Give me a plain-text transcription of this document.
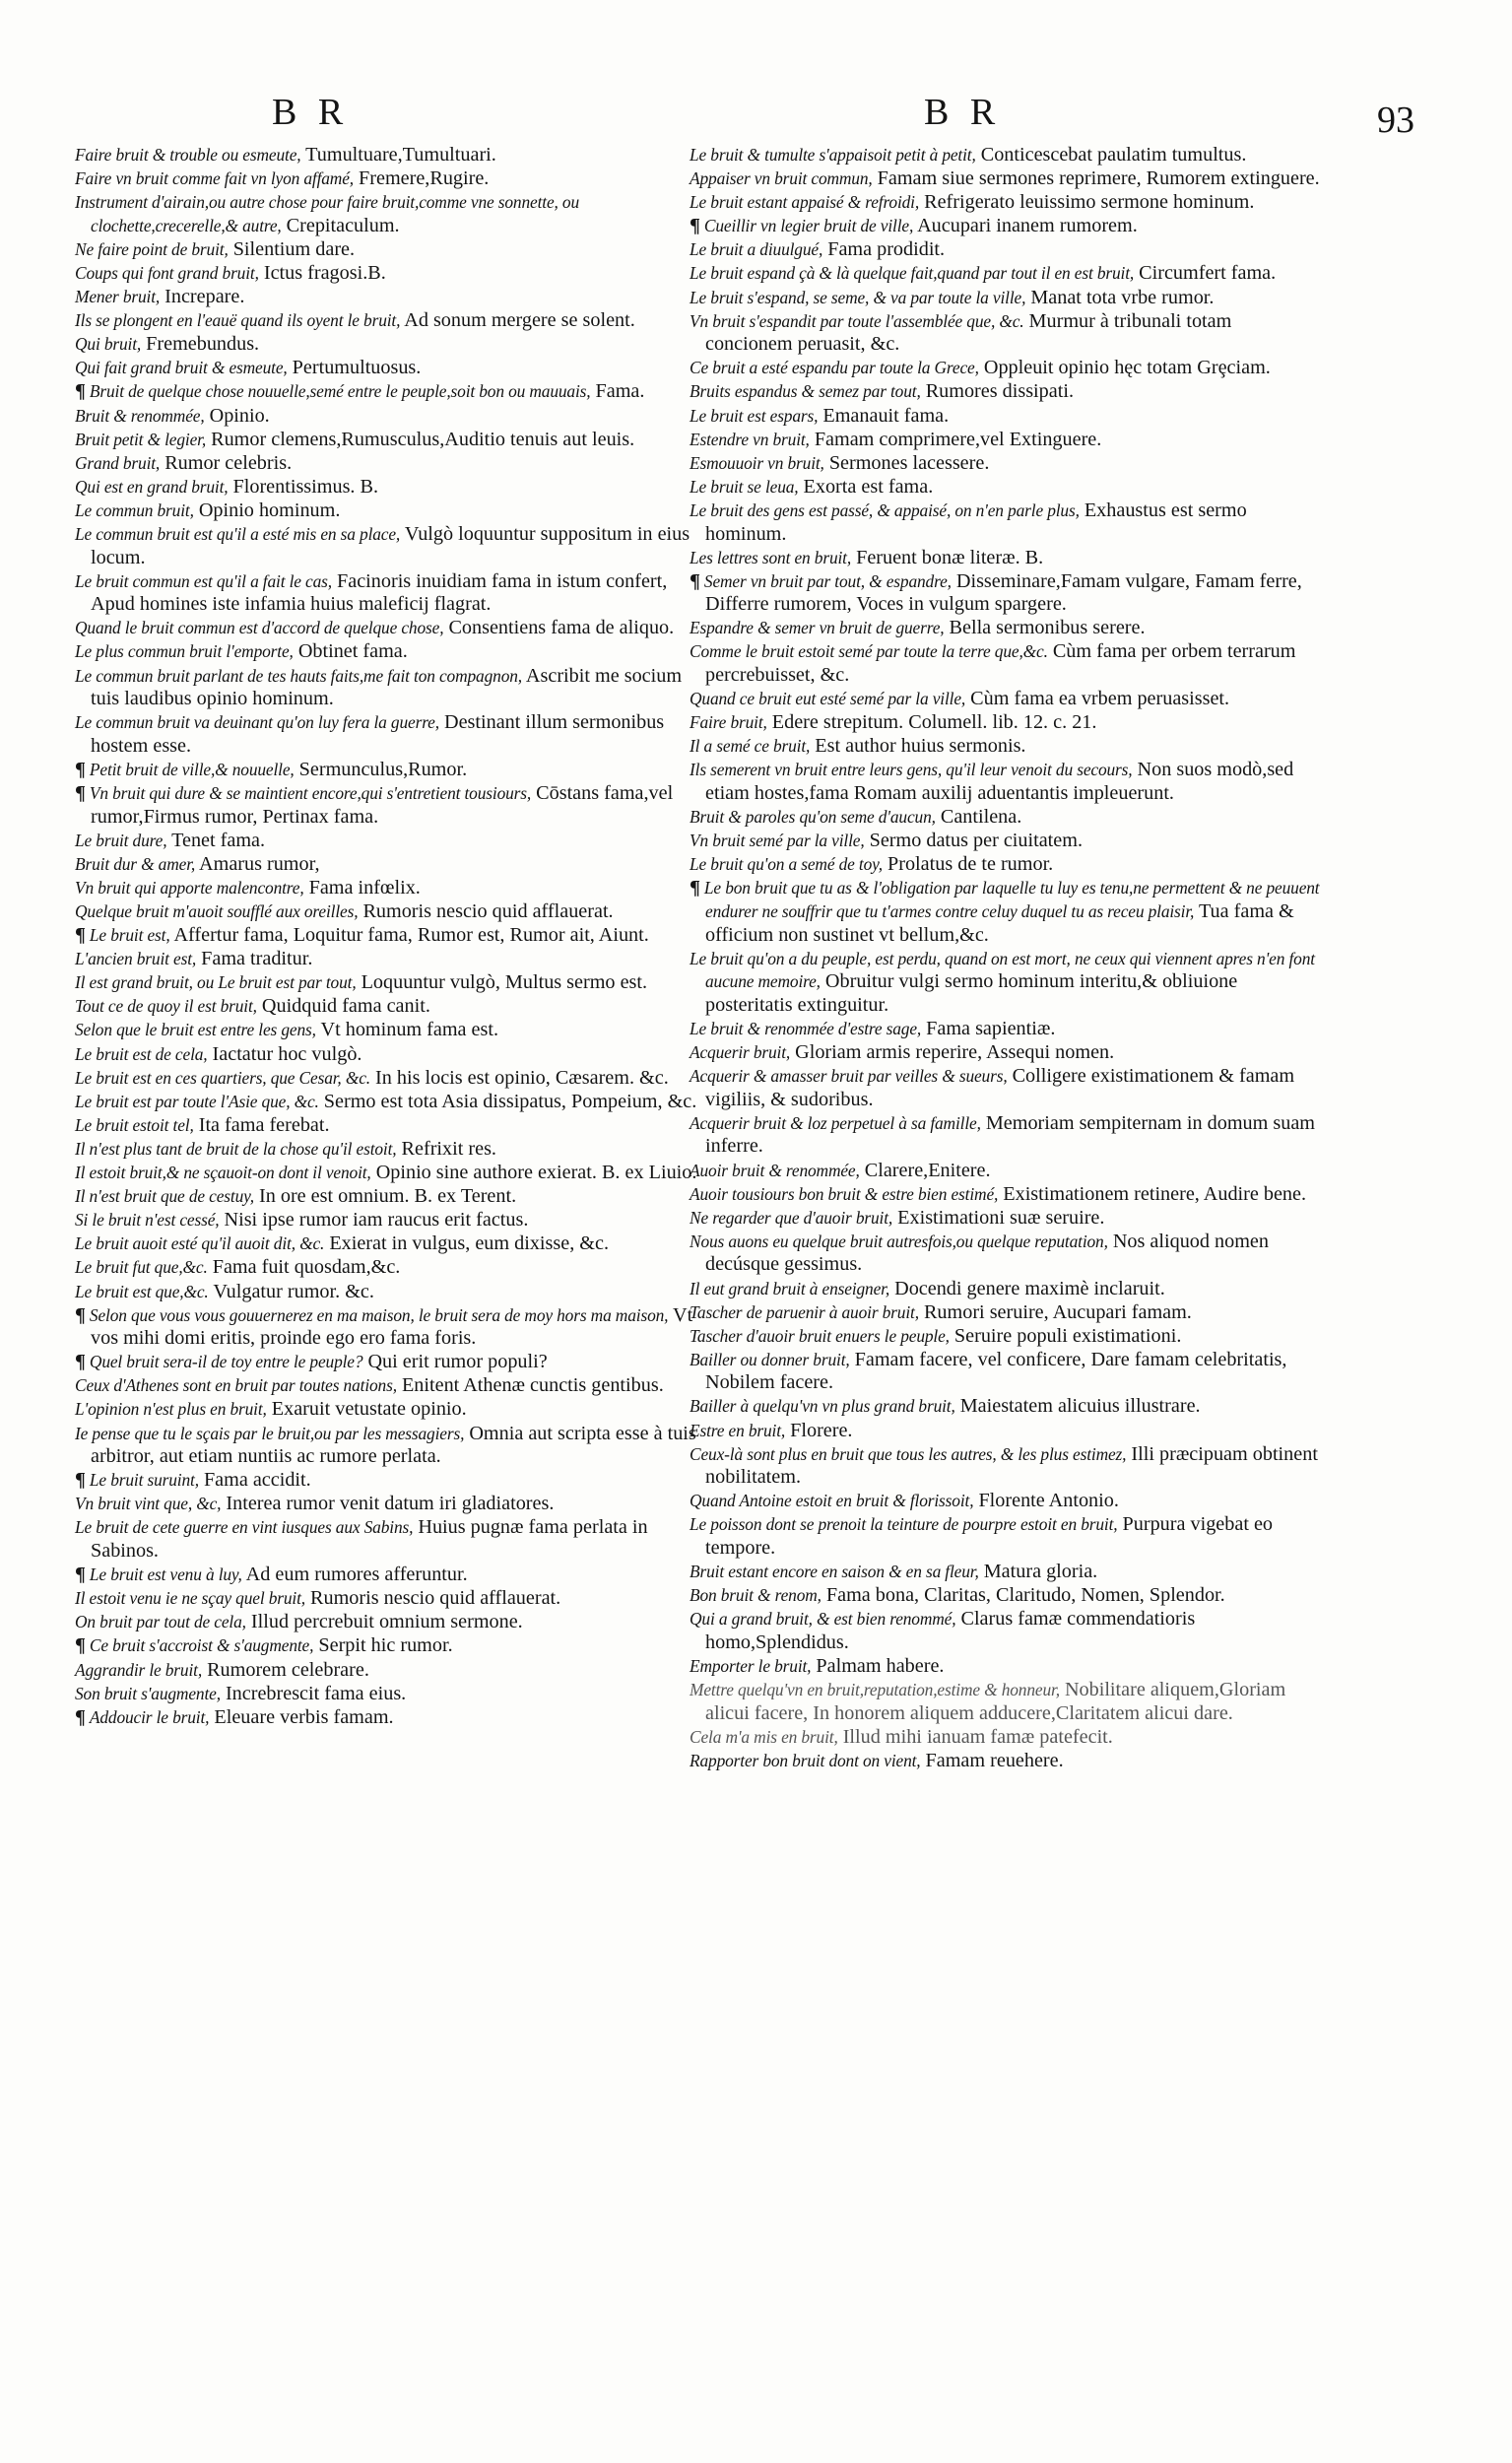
B R	B R	93
Faire bruit & trouble ou esmeute, Tumultuare,Tumultuari.
Faire vn bruit comme fait vn lyon affamé, Fremere,Rugire.
Instrument d'airain,ou autre chose pour faire bruit,comme vne sonnette, ou clochette,crecerelle,& autre, Crepitaculum.
Ne faire point de bruit, Silentium dare.
Coups qui font grand bruit, Ictus fragosi.B.
Mener bruit, Increpare.
Ils se plongent en l'eauë quand ils oyent le bruit, Ad sonum mergere se solent.
Qui bruit, Fremebundus.
Qui fait grand bruit & esmeute, Pertumultuosus.
¶ Bruit de quelque chose nouuelle,semé entre le peuple,soit bon ou mauuais, Fama.
Bruit & renommée, Opinio.
Bruit petit & legier, Rumor clemens,Rumusculus,Auditio tenuis aut leuis.
Grand bruit, Rumor celebris.
Qui est en grand bruit, Florentissimus. B.
Le commun bruit, Opinio hominum.
Le commun bruit est qu'il a esté mis en sa place, Vulgò loquuntur suppositum in eius locum.
Le bruit commun est qu'il a fait le cas, Facinoris inuidiam fama in istum confert, Apud homines iste infamia huius maleficij flagrat.
Quand le bruit commun est d'accord de quelque chose, Consentiens fama de aliquo.
Le plus commun bruit l'emporte, Obtinet fama.
Le commun bruit parlant de tes hauts faits,me fait ton compagnon, Ascribit me socium tuis laudibus opinio hominum.
Le commun bruit va deuinant qu'on luy fera la guerre, Destinant illum sermonibus hostem esse.
¶ Petit bruit de ville,& nouuelle, Sermunculus,Rumor.
¶ Vn bruit qui dure & se maintient encore,qui s'entretient tousiours, Cōstans fama,vel rumor,Firmus rumor, Pertinax fama.
Le bruit dure, Tenet fama.
Bruit dur & amer, Amarus rumor,
Vn bruit qui apporte malencontre, Fama infœlix.
Quelque bruit m'auoit soufflé aux oreilles, Rumoris nescio quid afflauerat.
¶ Le bruit est, Affertur fama, Loquitur fama, Rumor est, Rumor ait, Aiunt.
L'ancien bruit est, Fama traditur.
Il est grand bruit, ou Le bruit est par tout, Loquuntur vulgò, Multus sermo est.
Tout ce de quoy il est bruit, Quidquid fama canit.
Selon que le bruit est entre les gens, Vt hominum fama est.
Le bruit est de cela, Iactatur hoc vulgò.
Le bruit est en ces quartiers, que Cesar, &c. In his locis est opinio, Cæsarem. &c.
Le bruit est par toute l'Asie que, &c. Sermo est tota Asia dissipatus, Pompeium, &c.
Le bruit estoit tel, Ita fama ferebat.
Il n'est plus tant de bruit de la chose qu'il estoit, Refrixit res.
Il estoit bruit,& ne sçauoit-on dont il venoit, Opinio sine authore exierat. B. ex Liuio.
Il n'est bruit que de cestuy, In ore est omnium. B. ex Terent.
Si le bruit n'est cessé, Nisi ipse rumor iam raucus erit factus.
Le bruit auoit esté qu'il auoit dit, &c. Exierat in vulgus, eum dixisse, &c.
Le bruit fut que,&c. Fama fuit quosdam,&c.
Le bruit est que,&c. Vulgatur rumor. &c.
¶ Selon que vous vous gouuernerez en ma maison, le bruit sera de moy hors ma maison, Vt vos mihi domi eritis, proinde ego ero fama foris.
¶ Quel bruit sera-il de toy entre le peuple? Qui erit rumor populi?
Ceux d'Athenes sont en bruit par toutes nations, Enitent Athenæ cunctis gentibus.
L'opinion n'est plus en bruit, Exaruit vetustate opinio.
Ie pense que tu le sçais par le bruit,ou par les messagiers, Omnia aut scripta esse à tuis arbitror, aut etiam nuntiis ac rumore perlata.
¶ Le bruit suruint, Fama accidit.
Vn bruit vint que, &c, Interea rumor venit datum iri gladiatores.
Le bruit de cete guerre en vint iusques aux Sabins, Huius pugnæ fama perlata in Sabinos.
¶ Le bruit est venu à luy, Ad eum rumores afferuntur.
Il estoit venu ie ne sçay quel bruit, Rumoris nescio quid afflauerat.
On bruit par tout de cela, Illud percrebuit omnium sermone.
¶ Ce bruit s'accroist & s'augmente, Serpit hic rumor.
Aggrandir le bruit, Rumorem celebrare.
Son bruit s'augmente, Increbrescit fama eius.
¶ Addoucir le bruit, Eleuare verbis famam.
Le bruit & tumulte s'appaisoit petit à petit, Conticescebat paulatim tumultus.
Appaiser vn bruit commun, Famam siue sermones reprimere, Rumorem extinguere.
Le bruit estant appaisé & refroidi, Refrigerato leuissimo sermone hominum.
¶ Cueillir vn legier bruit de ville, Aucupari inanem rumorem.
Le bruit a diuulgué, Fama prodidit.
Le bruit espand çà & là quelque fait,quand par tout il en est bruit, Circumfert fama.
Le bruit s'espand, se seme, & va par toute la ville, Manat tota vrbe rumor.
Vn bruit s'espandit par toute l'assemblée que, &c. Murmur à tribunali totam concionem peruasit, &c.
Ce bruit a esté espandu par toute la Grece, Oppleuit opinio hęc totam Grȩciam.
Bruits espandus & semez par tout, Rumores dissipati.
Le bruit est espars, Emanauit fama.
Estendre vn bruit, Famam comprimere,vel Extinguere.
Esmouuoir vn bruit, Sermones lacessere.
Le bruit se leua, Exorta est fama.
Le bruit des gens est passé, & appaisé, on n'en parle plus, Exhaustus est sermo hominum.
Les lettres sont en bruit, Feruent bonæ literæ. B.
¶ Semer vn bruit par tout, & espandre, Disseminare,Famam vulgare, Famam ferre, Differre rumorem, Voces in vulgum spargere.
Espandre & semer vn bruit de guerre, Bella sermonibus serere.
Comme le bruit estoit semé par toute la terre que,&c. Cùm fama per orbem terrarum percrebuisset, &c.
Quand ce bruit eut esté semé par la ville, Cùm fama ea vrbem peruasisset.
Faire bruit, Edere strepitum. Columell. lib. 12. c. 21.
Il a semé ce bruit, Est author huius sermonis.
Ils semerent vn bruit entre leurs gens, qu'il leur venoit du secours, Non suos modò,sed etiam hostes,fama Romam auxilij aduentantis impleuerunt.
Bruit & paroles qu'on seme d'aucun, Cantilena.
Vn bruit semé par la ville, Sermo datus per ciuitatem.
Le bruit qu'on a semé de toy, Prolatus de te rumor.
¶ Le bon bruit que tu as & l'obligation par laquelle tu luy es tenu,ne permettent & ne peuuent endurer ne souffrir que tu t'armes contre celuy duquel tu as receu plaisir, Tua fama & officium non sustinet vt bellum,&c.
Le bruit qu'on a du peuple, est perdu, quand on est mort, ne ceux qui viennent apres n'en font aucune memoire, Obruitur vulgi sermo hominum interitu,& obliuione posteritatis extinguitur.
Le bruit & renommée d'estre sage, Fama sapientiæ.
Acquerir bruit, Gloriam armis reperire, Assequi nomen.
Acquerir & amasser bruit par veilles & sueurs, Colligere existimationem & famam vigiliis, & sudoribus.
Acquerir bruit & loz perpetuel à sa famille, Memoriam sempiternam in domum suam inferre.
Auoir bruit & renommée, Clarere,Enitere.
Auoir tousiours bon bruit & estre bien estimé, Existimationem retinere, Audire bene.
Ne regarder que d'auoir bruit, Existimationi suæ seruire.
Nous auons eu quelque bruit autresfois,ou quelque reputation, Nos aliquod nomen decúsque gessimus.
Il eut grand bruit à enseigner, Docendi genere maximè inclaruit.
Tascher de paruenir à auoir bruit, Rumori seruire, Aucupari famam.
Tascher d'auoir bruit enuers le peuple, Seruire populi existimationi.
Bailler ou donner bruit, Famam facere, vel conficere, Dare famam celebritatis, Nobilem facere.
Bailler à quelqu'vn vn plus grand bruit, Maiestatem alicuius illustrare.
Estre en bruit, Florere.
Ceux-là sont plus en bruit que tous les autres, & les plus estimez, Illi præcipuam obtinent nobilitatem.
Quand Antoine estoit en bruit & florissoit, Florente Antonio.
Le poisson dont se prenoit la teinture de pourpre estoit en bruit, Purpura vigebat eo tempore.
Bruit estant encore en saison & en sa fleur, Matura gloria.
Bon bruit & renom, Fama bona, Claritas, Claritudo, Nomen, Splendor.
Qui a grand bruit, & est bien renommé, Clarus famæ commendatioris homo,Splendidus.
Emporter le bruit, Palmam habere.
Mettre quelqu'vn en bruit,reputation,estime & honneur, Nobilitare aliquem,Gloriam alicui facere, In honorem aliquem adducere,Claritatem alicui dare.
Cela m'a mis en bruit, Illud mihi ianuam famæ patefecit.
Rapporter bon bruit dont on vient, Famam reuehere.
